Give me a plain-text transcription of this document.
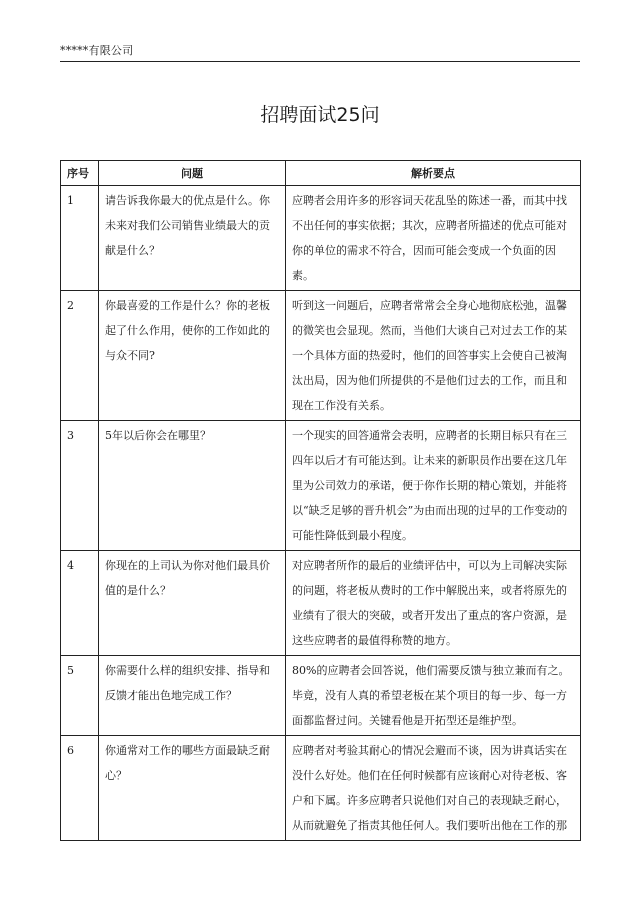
*****有限公司
招聘面试25问
序号	问题	解析要点
1	请告诉我你最大的优点是什么。你未来对我们公司销售业绩最大的贡献是什么？	应聘者会用许多的形容词天花乱坠的陈述一番，而其中找不出任何的事实依据；其次，应聘者所描述的优点可能对你的单位的需求不符合，因而可能会变成一个负面的因素。
2	你最喜爱的工作是什么？你的老板起了什么作用，使你的工作如此的与众不同?	听到这一问题后，应聘者常常会全身心地彻底松弛，温馨的微笑也会显现。然而，当他们大谈自己对过去工作的某一个具体方面的热爱时，他们的回答事实上会使自己被淘汰出局，因为他们所提供的不是他们过去的工作，而且和现在工作没有关系。
3	5年以后你会在哪里？	一个现实的回答通常会表明，应聘者的长期目标只有在三四年以后才有可能达到。让未来的新职员作出要在这几年里为公司效力的承诺，便于你作长期的精心策划，并能将以“缺乏足够的晋升机会”为由而出现的过早的工作变动的可能性降低到最小程度。
4	你现在的上司认为你对他们最具价值的是什么？	对应聘者所作的最后的业绩评估中，可以为上司解决实际的问题，将老板从费时的工作中解脱出来，或者将原先的业绩有了很大的突破，或者开发出了重点的客户资源，是这些应聘者的最值得称赞的地方。
5	你需要什么样的组织安排、指导和反馈才能出色地完成工作？	80%的应聘者会回答说，他们需要反馈与独立兼而有之。毕竟，没有人真的希望老板在某个项目的每一步、每一方面都监督过问。关键看他是开拓型还是维护型。
6	你通常对工作的哪些方面最缺乏耐心？	应聘者对考验其耐心的情况会避而不谈，因为讲真话实在没什么好处。他们在任何时候都有应该耐心对待老板、客户和下属。许多应聘者只说他们对自己的表现缺乏耐心，从而就避免了指责其他任何人。我们要听出他在工作的那
